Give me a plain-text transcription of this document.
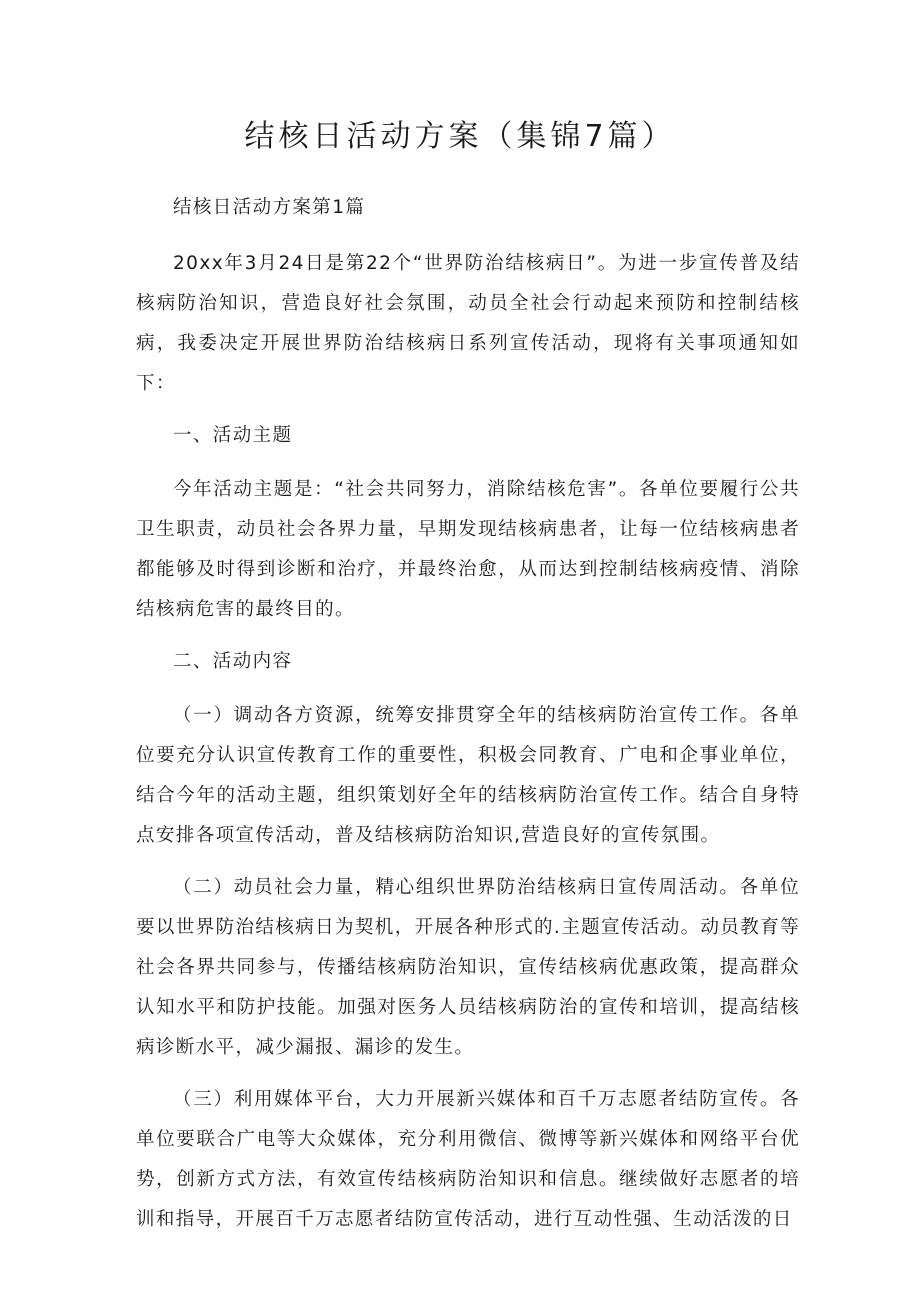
结核日活动方案（集锦7篇）

结核日活动方案第1篇

20xx年3月24日是第22个“世界防治结核病日”。为进一步宣传普及结核病防治知识，营造良好社会氛围，动员全社会行动起来预防和控制结核病，我委决定开展世界防治结核病日系列宣传活动，现将有关事项通知如下：

一、活动主题

今年活动主题是：“社会共同努力，消除结核危害”。各单位要履行公共卫生职责，动员社会各界力量，早期发现结核病患者，让每一位结核病患者都能够及时得到诊断和治疗，并最终治愈，从而达到控制结核病疫情、消除结核病危害的最终目的。

二、活动内容

（一）调动各方资源，统筹安排贯穿全年的结核病防治宣传工作。各单位要充分认识宣传教育工作的重要性，积极会同教育、广电和企事业单位，结合今年的活动主题，组织策划好全年的结核病防治宣传工作。结合自身特点安排各项宣传活动，普及结核病防治知识,营造良好的宣传氛围。

（二）动员社会力量，精心组织世界防治结核病日宣传周活动。各单位要以世界防治结核病日为契机，开展各种形式的.主题宣传活动。动员教育等社会各界共同参与，传播结核病防治知识，宣传结核病优惠政策，提高群众认知水平和防护技能。加强对医务人员结核病防治的宣传和培训，提高结核病诊断水平，减少漏报、漏诊的发生。

（三）利用媒体平台，大力开展新兴媒体和百千万志愿者结防宣传。各单位要联合广电等大众媒体，充分利用微信、微博等新兴媒体和网络平台优势，创新方式方法，有效宣传结核病防治知识和信息。继续做好志愿者的培训和指导，开展百千万志愿者结防宣传活动，进行互动性强、生动活泼的日
